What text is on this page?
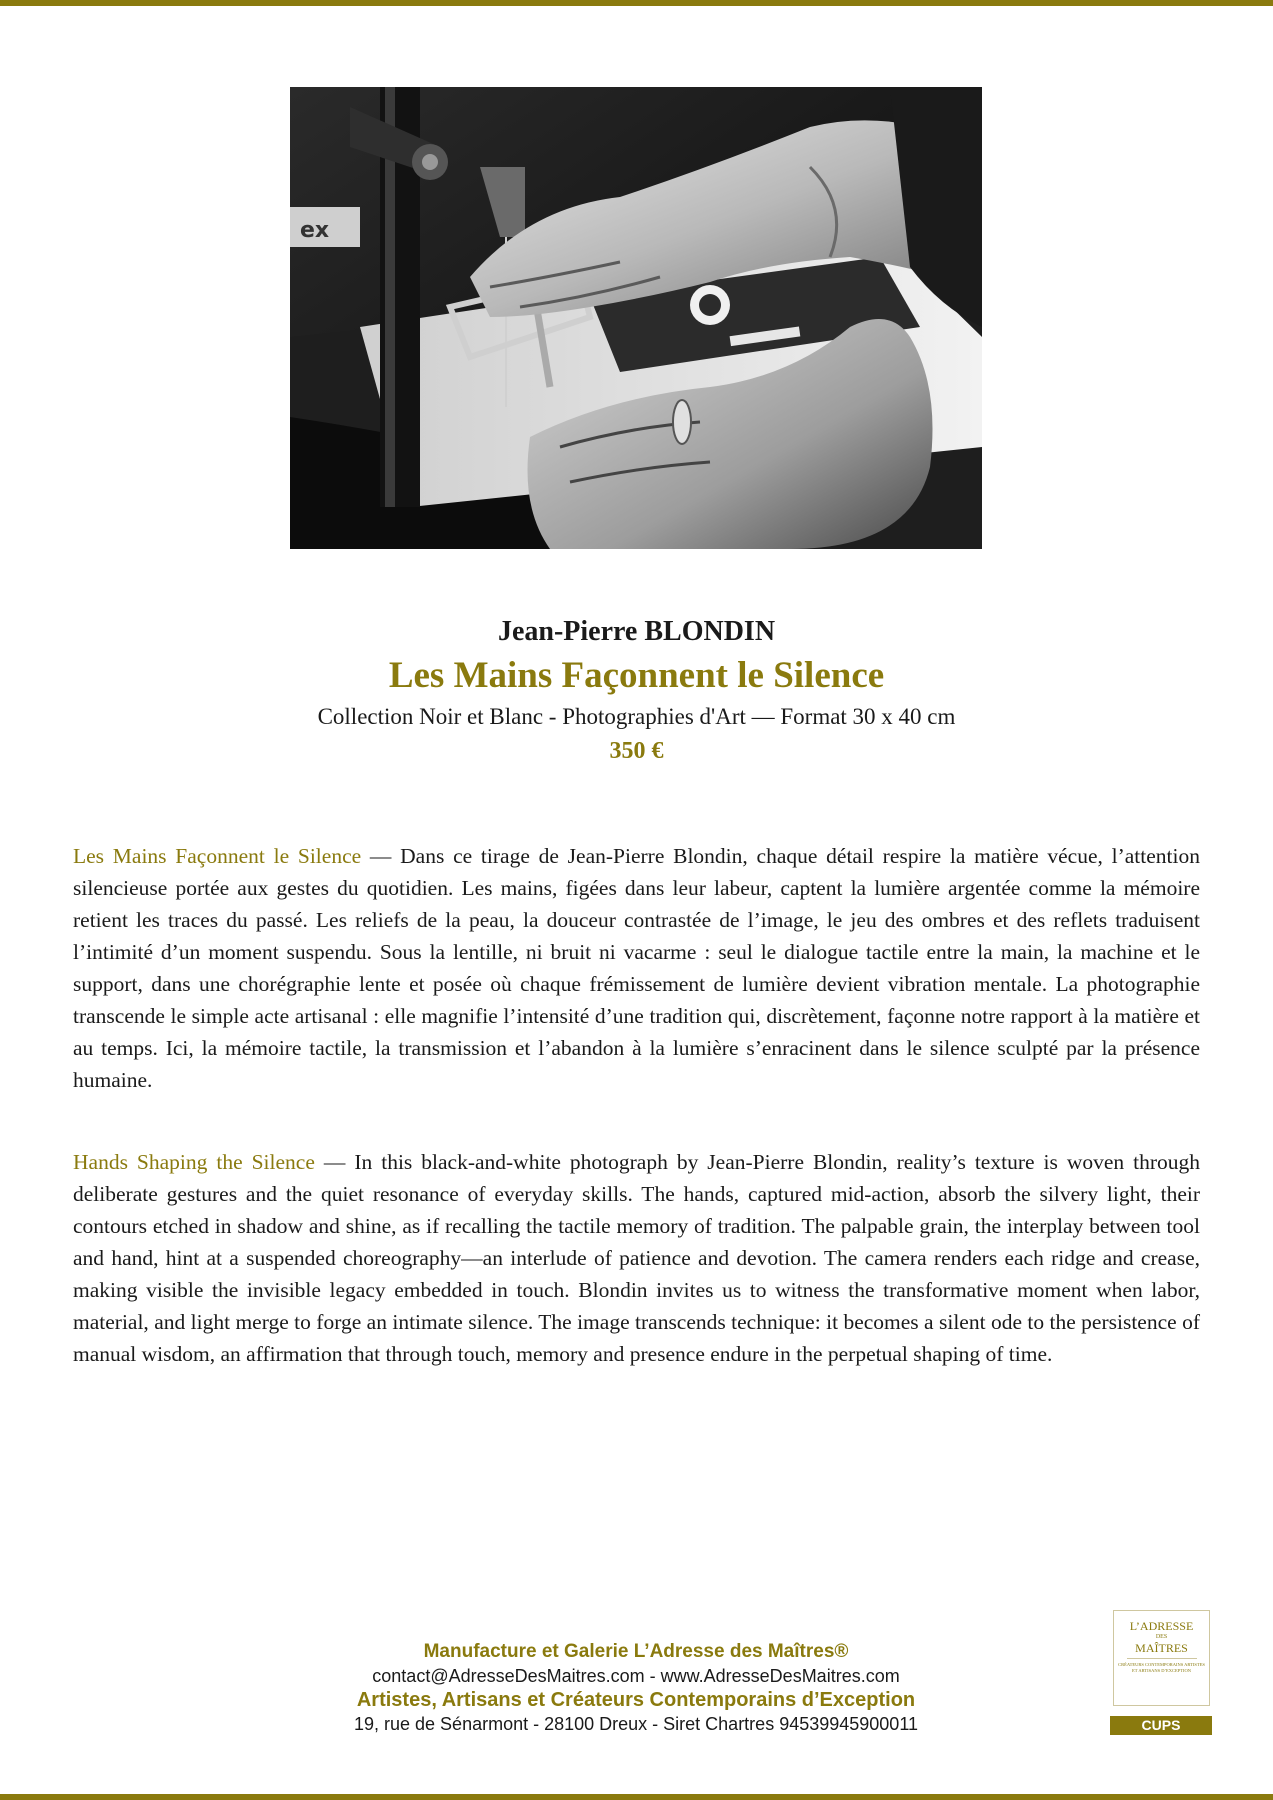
ex
Jean-Pierre BLONDIN
Les Mains Façonnent le Silence
Collection Noir et Blanc - Photographies d'Art — Format 30 x 40 cm
350 €

Les Mains Façonnent le Silence — Dans ce tirage de Jean-Pierre Blondin, chaque détail respire la matière vécue, l’attention silencieuse portée aux gestes du quotidien. Les mains, figées dans leur labeur, captent la lumière argentée comme la mémoire retient les traces du passé. Les reliefs de la peau, la douceur contrastée de l’image, le jeu des ombres et des reflets traduisent l’intimité d’un moment suspendu. Sous la lentille, ni bruit ni vacarme : seul le dialogue tactile entre la main, la machine et le support, dans une chorégraphie lente et posée où chaque frémissement de lumière devient vibration mentale. La photographie transcende le simple acte artisanal : elle magnifie l’intensité d’une tradition qui, discrètement, façonne notre rapport à la matière et au temps. Ici, la mémoire tactile, la transmission et l’abandon à la lumière s’enracinent dans le silence sculpté par la présence humaine.

Hands Shaping the Silence — In this black-and-white photograph by Jean-Pierre Blondin, reality’s texture is woven through deliberate gestures and the quiet resonance of everyday skills. The hands, captured mid-action, absorb the silvery light, their contours etched in shadow and shine, as if recalling the tactile memory of tradition. The palpable grain, the interplay between tool and hand, hint at a suspended choreography—an interlude of patience and devotion. The camera renders each ridge and crease, making visible the invisible legacy embedded in touch. Blondin invites us to witness the transformative moment when labor, material, and light merge to forge an intimate silence. The image transcends technique: it becomes a silent ode to the persistence of manual wisdom, an affirmation that through touch, memory and presence endure in the perpetual shaping of time.

Manufacture et Galerie L’Adresse des Maîtres®
contact@AdresseDesMaitres.com - www.AdresseDesMaitres.com
Artistes, Artisans et Créateurs Contemporains d’Exception
19, rue de Sénarmont - 28100 Dreux - Siret Chartres 94539945900011
L’ADRESSE
DES
MAÎTRES
CRÉATEURS CONTEMPORAINS ARTISTES ET ARTISANS D’EXCEPTION
CUPS
